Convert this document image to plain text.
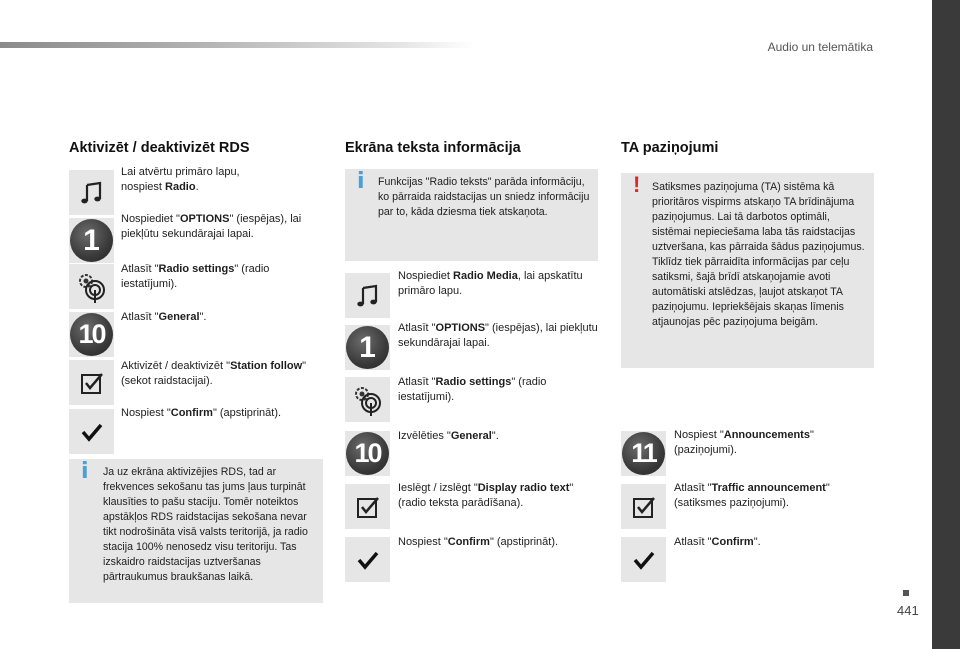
Audio un telemātika
Aktivizēt / deaktivizēt RDS
Lai atvērtu primāro lapu,
nospiest Radio.
1
Nospiediet "OPTIONS" (iespējas), lai piekļūtu sekundārajai lapai.
Atlasīt "Radio settings" (radio iestatījumi).
10
Atlasīt "General".
Aktivizēt / deaktivizēt "Station follow" (sekot raidstacijai).
Nospiest "Confirm" (apstiprināt).
i Ja uz ekrāna aktivizējies RDS, tad ar frekvences sekošanu tas jums ļaus turpināt klausīties to pašu staciju. Tomēr noteiktos apstākļos RDS raidstacijas sekošana nevar tikt nodrošināta visā valsts teritorijā, ja radio stacija 100% nenosedz visu teritoriju. Tas izskaidro raidstacijas uztveršanas pārtraukumus braukšanas laikā.
Ekrāna teksta informācija
i Funkcijas "Radio teksts" parāda informāciju, ko pārraida raidstacijas un sniedz informāciju par to, kāda dziesma tiek atskaņota.
Nospiediet Radio Media, lai apskatītu primāro lapu.
1
Atlasīt "OPTIONS" (iespējas), lai piekļutu sekundārajai lapai.
Atlasīt "Radio settings" (radio iestatījumi).
10
Izvēlēties "General".
Ieslēgt / izslēgt "Display radio text" (radio teksta parādīšana).
Nospiest "Confirm" (apstiprināt).
TA paziņojumi
! Satiksmes paziņojuma (TA) sistēma kā prioritāros vispirms atskaņo TA brīdinājuma paziņojumus. Lai tā darbotos optimāli, sistēmai nepieciešama laba tās raidstacijas uztveršana, kas pārraida šādus paziņojumus. Tiklīdz tiek pārraidīta informācijas par ceļu satiksmi, šajā brīdī atskaņojamie avoti automātiski atslēdzas, ļaujot atskaņot TA paziņojumu. Iepriekšējais skaņas līmenis atjaunojas pēc paziņojuma beigām.
11
Nospiest "Announcements" (paziņojumi).
Atlasīt "Traffic announcement" (satiksmes paziņojumi).
Atlasīt "Confirm".
441
